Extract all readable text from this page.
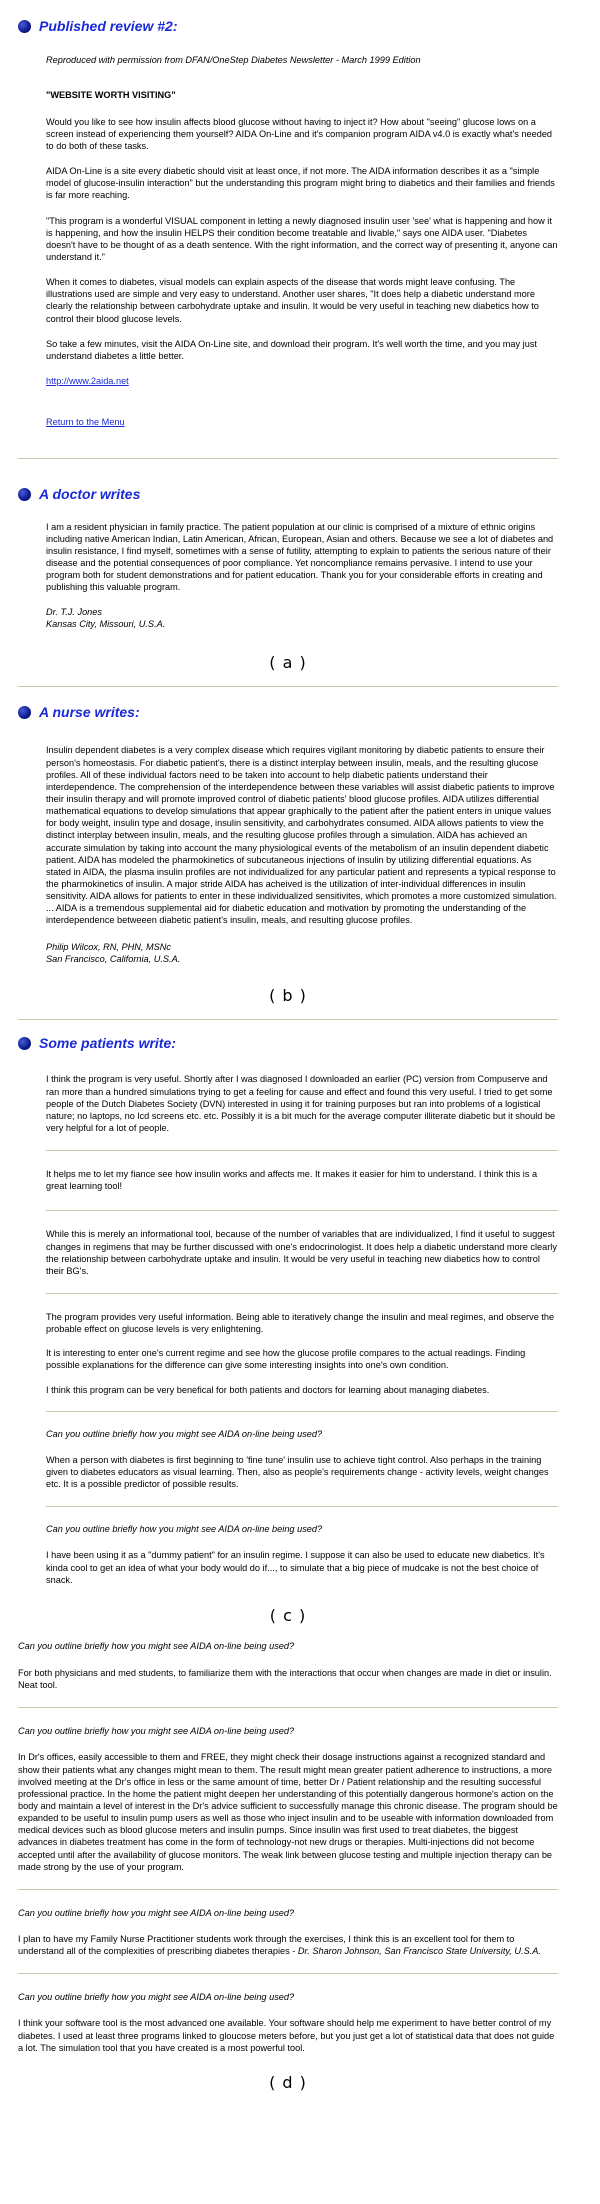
Published review #2:

Reproduced with permission from DFAN/OneStep Diabetes Newsletter - March 1999 Edition

"WEBSITE WORTH VISITING"

Would you like to see how insulin affects blood glucose without having to inject it? How about "seeing" glucose lows on a screen instead of experiencing them yourself? AIDA On-Line and it's companion program AIDA v4.0 is exactly what's needed to do both of these tasks.

AIDA On-Line is a site every diabetic should visit at least once, if not more. The AIDA information describes it as a "simple model of glucose-insulin interaction" but the understanding this program might bring to diabetics and their families and friends is far more reaching.

"This program is a wonderful VISUAL component in letting a newly diagnosed insulin user 'see' what is happening and how it is happening, and how the insulin HELPS their condition become treatable and livable," says one AIDA user. "Diabetes doesn't have to be thought of as a death sentence. With the right information, and the correct way of presenting it, anyone can understand it."

When it comes to diabetes, visual models can explain aspects of the disease that words might leave confusing. The illustrations used are simple and very easy to understand. Another user shares, "It does help a diabetic understand more clearly the relationship between carbohydrate uptake and insulin. It would be very useful in teaching new diabetics how to control their blood glucose levels.

So take a few minutes, visit the AIDA On-Line site, and download their program. It's well worth the time, and you may just understand diabetes a little better.

http://www.2aida.net

Return to the Menu

A doctor writes

I am a resident physician in family practice. The patient population at our clinic is comprised of a mixture of ethnic origins including native American Indian, Latin American, African, European, Asian and others. Because we see a lot of diabetes and insulin resistance, I find myself, sometimes with a sense of futility, attempting to explain to patients the serious nature of their disease and the potential consequences of poor compliance. Yet noncompliance remains pervasive. I intend to use your program both for student demonstrations and for patient education. Thank you for your considerable efforts in creating and publishing this valuable program.

Dr. T.J. Jones

Kansas City, Missouri, U.S.A.

( a )
A nurse writes:

Insulin dependent diabetes is a very complex disease which requires vigilant monitoring by diabetic patients to ensure their person's homeostasis. For diabetic patient's, there is a distinct interplay between insulin, meals, and the resulting glucose profiles. All of these individual factors need to be taken into account to help diabetic patients understand their interdependence. The comprehension of the interdependence between these variables will assist diabetic patients to improve their insulin therapy and will promote improved control of diabetic patients' blood glucose profiles. AIDA utilizes differential mathematical equations to develop simulations that appear graphically to the patient after the patient enters in unique values for body weight, insulin type and dosage, insulin sensitivity, and carbohydrates consumed. AIDA allows patients to view the distinct interplay between insulin, meals, and the resulting glucose profiles through a simulation. AIDA has achieved an accurate simulation by taking into account the many physiological events of the metabolism of an insulin dependent diabetic patient. AIDA has modeled the pharmokinetics of subcutaneous injections of insulin by utilizing differential equations. As stated in AIDA, the plasma insulin profiles are not individualized for any particular patient and represents a typical response to the pharmokinetics of insulin. A major stride AIDA has acheived is the utilization of inter-individual differences in insulin sensitivity. AIDA allows for patients to enter in these individualized sensitivites, which promotes a more customized simulation. ... AIDA is a tremendous supplemental aid for diabetic education and motivation by promoting the understanding of the interdependence betweeen diabetic patient's insulin, meals, and resulting glucose profiles.

Philip Wilcox, RN, PHN, MSNc

San Francisco, California, U.S.A.

( b )
Some patients write:

I think the program is very useful. Shortly after I was diagnosed I downloaded an earlier (PC) version from Compuserve and ran more than a hundred simulations trying to get a feeling for cause and effect and found this very useful. I tried to get some people of the Dutch Diabetes Society (DVN) interested in using it for training purposes but ran into problems of a logistical nature; no laptops, no lcd screens etc. etc. Possibly it is a bit much for the average computer illiterate diabetic but it should be very helpful for a lot of people.

It helps me to let my fiance see how insulin works and affects me. It makes it easier for him to understand. I think this is a great learning tool!

While this is merely an informational tool, because of the number of variables that are individualized, I find it useful to suggest changes in regimens that may be further discussed with one's endocrinologist. It does help a diabetic understand more clearly the relationship between carbohydrate uptake and insulin. It would be very useful in teaching new diabetics how to control their BG's.

The program provides very useful information. Being able to iteratively change the insulin and meal regimes, and observe the probable effect on glucose levels is very enlightening.

It is interesting to enter one's current regime and see how the glucose profile compares to the actual readings. Finding possible explanations for the difference can give some interesting insights into one's own condition.

I think this program can be very benefical for both patients and doctors for learning about managing diabetes.

Can you outline briefly how you might see AIDA on-line being used?

When a person with diabetes is first beginning to 'fine tune' insulin use to achieve tight control. Also perhaps in the training given to diabetes educators as visual learning. Then, also as people's requirements change - activity levels, weight changes etc. It is a possible predictor of possible results.

Can you outline briefly how you might see AIDA on-line being used?

I have been using it as a "dummy patient" for an insulin regime. I suppose it can also be used to educate new diabetics. It's kinda cool to get an idea of what your body would do if..., to simulate that a big piece of mudcake is not the best choice of snack.

( c )

Can you outline briefly how you might see AIDA on-line being used?

For both physicians and med students, to familiarize them with the interactions that occur when changes are made in diet or insulin. Neat tool.

Can you outline briefly how you might see AIDA on-line being used?

In Dr's offices, easily accessible to them and FREE, they might check their dosage instructions against a recognized standard and show their patients what any changes might mean to them. The result might mean greater patient adherence to instructions, a more involved meeting at the Dr's office in less or the same amount of time, better Dr / Patient relationship and the resulting successful professional practice. In the home the patient might deepen her understanding of this potentially dangerous hormone's action on the body and maintain a level of interest in the Dr's advice sufficient to successfully manage this chronic disease. The program should be expanded to be useful to insulin pump users as well as those who inject insulin and to be useable with information downloaded from medical devices such as blood glucose meters and insulin pumps. Since insulin was first used to treat diabetes, the biggest advances in diabetes treatment has come in the form of technology-not new drugs or therapies. Multi-injections did not become accepted until after the availability of glucose monitors. The weak link between glucose testing and multiple injection therapy can be made strong by the use of your program.

Can you outline briefly how you might see AIDA on-line being used?

I plan to have my Family Nurse Practitioner students work through the exercises, I think this is an excellent tool for them to understand all of the complexities of prescribing diabetes therapies - Dr. Sharon Johnson, San Francisco State University, U.S.A.

Can you outline briefly how you might see AIDA on-line being used?

I think your software tool is the most advanced one available. Your software should help me experiment to have better control of my diabetes. I used at least three programs linked to gloucose meters before, but you just get a lot of statistical data that does not guide a lot. The simulation tool that you have created is a most powerful tool.

( d )
